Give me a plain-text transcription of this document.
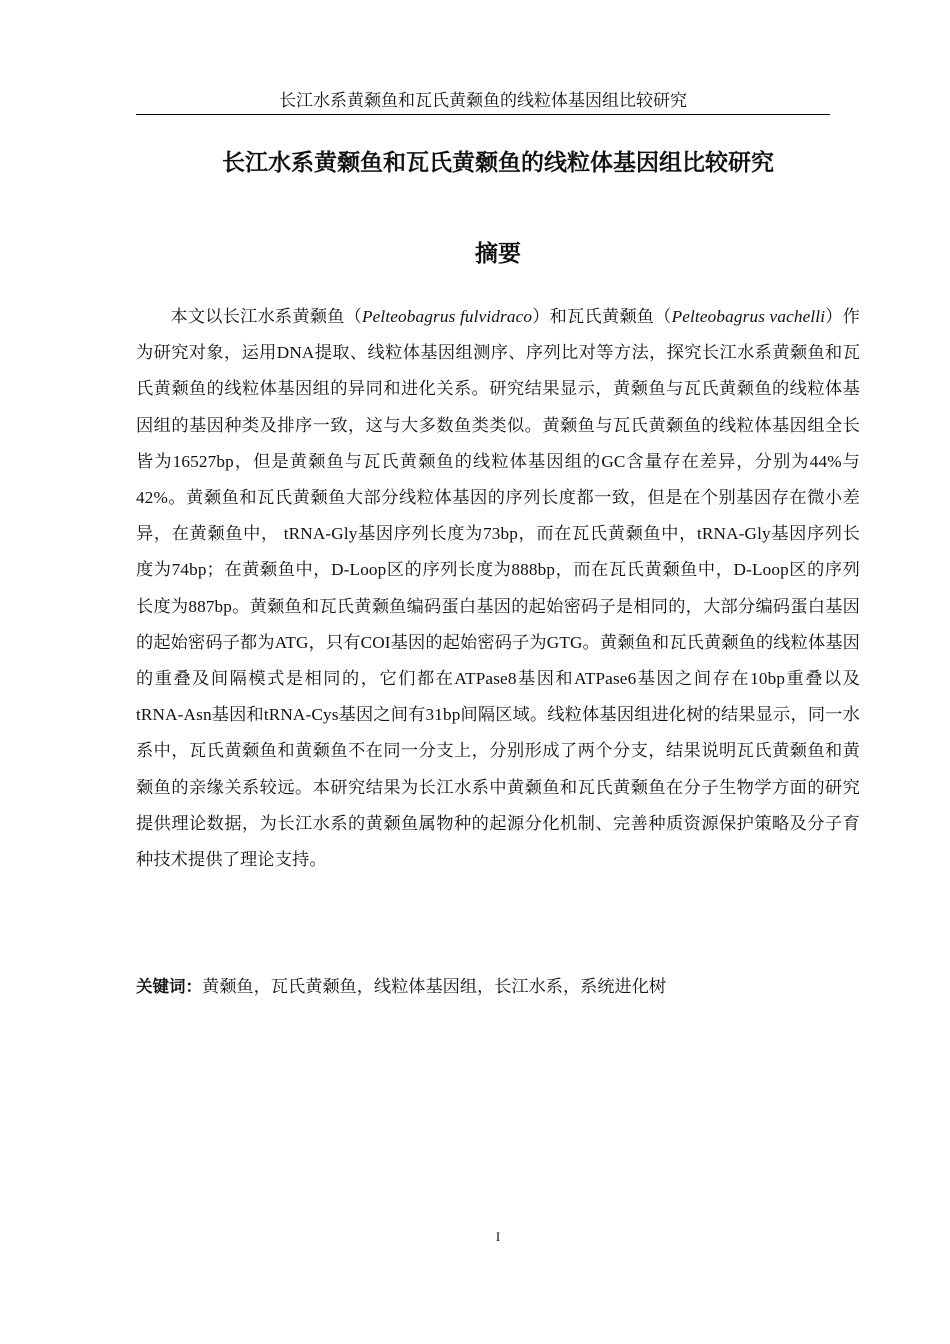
长江水系黄颡鱼和瓦氏黄颡鱼的线粒体基因组比较研究
长江水系黄颡鱼和瓦氏黄颡鱼的线粒体基因组比较研究
摘要

本文以长江水系黄颡鱼（Pelteobagrus fulvidraco）和瓦氏黄颡鱼（Pelteobagrus vachelli）作为研究对象，运用DNA提取、线粒体基因组测序、序列比对等方法，探究长江水系黄颡鱼和瓦氏黄颡鱼的线粒体基因组的异同和进化关系。研究结果显示，黄颡鱼与瓦氏黄颡鱼的线粒体基因组的基因种类及排序一致，这与大多数鱼类类似。黄颡鱼与瓦氏黄颡鱼的线粒体基因组全长皆为16527bp，但是黄颡鱼与瓦氏黄颡鱼的线粒体基因组的GC含量存在差异，分别为44%与42%。黄颡鱼和瓦氏黄颡鱼大部分线粒体基因的序列长度都一致，但是在个别基因存在微小差异，在黄颡鱼中， tRNA-Gly基因序列长度为73bp，而在瓦氏黄颡鱼中，tRNA-Gly基因序列长度为74bp；在黄颡鱼中，D-Loop区的序列长度为888bp，而在瓦氏黄颡鱼中，D-Loop区的序列长度为887bp。黄颡鱼和瓦氏黄颡鱼编码蛋白基因的起始密码子是相同的，大部分编码蛋白基因的起始密码子都为ATG，只有COI基因的起始密码子为GTG。黄颡鱼和瓦氏黄颡鱼的线粒体基因的重叠及间隔模式是相同的，它们都在ATPase8基因和ATPase6基因之间存在10bp重叠以及tRNA-Asn基因和tRNA-Cys基因之间有31bp间隔区域。线粒体基因组进化树的结果显示，同一水系中，瓦氏黄颡鱼和黄颡鱼不在同一分支上，分别形成了两个分支，结果说明瓦氏黄颡鱼和黄颡鱼的亲缘关系较远。本研究结果为长江水系中黄颡鱼和瓦氏黄颡鱼在分子生物学方面的研究提供理论数据，为长江水系的黄颡鱼属物种的起源分化机制、完善种质资源保护策略及分子育种技术提供了理论支持。

关键词：黄颡鱼，瓦氏黄颡鱼，线粒体基因组，长江水系，系统进化树

I
